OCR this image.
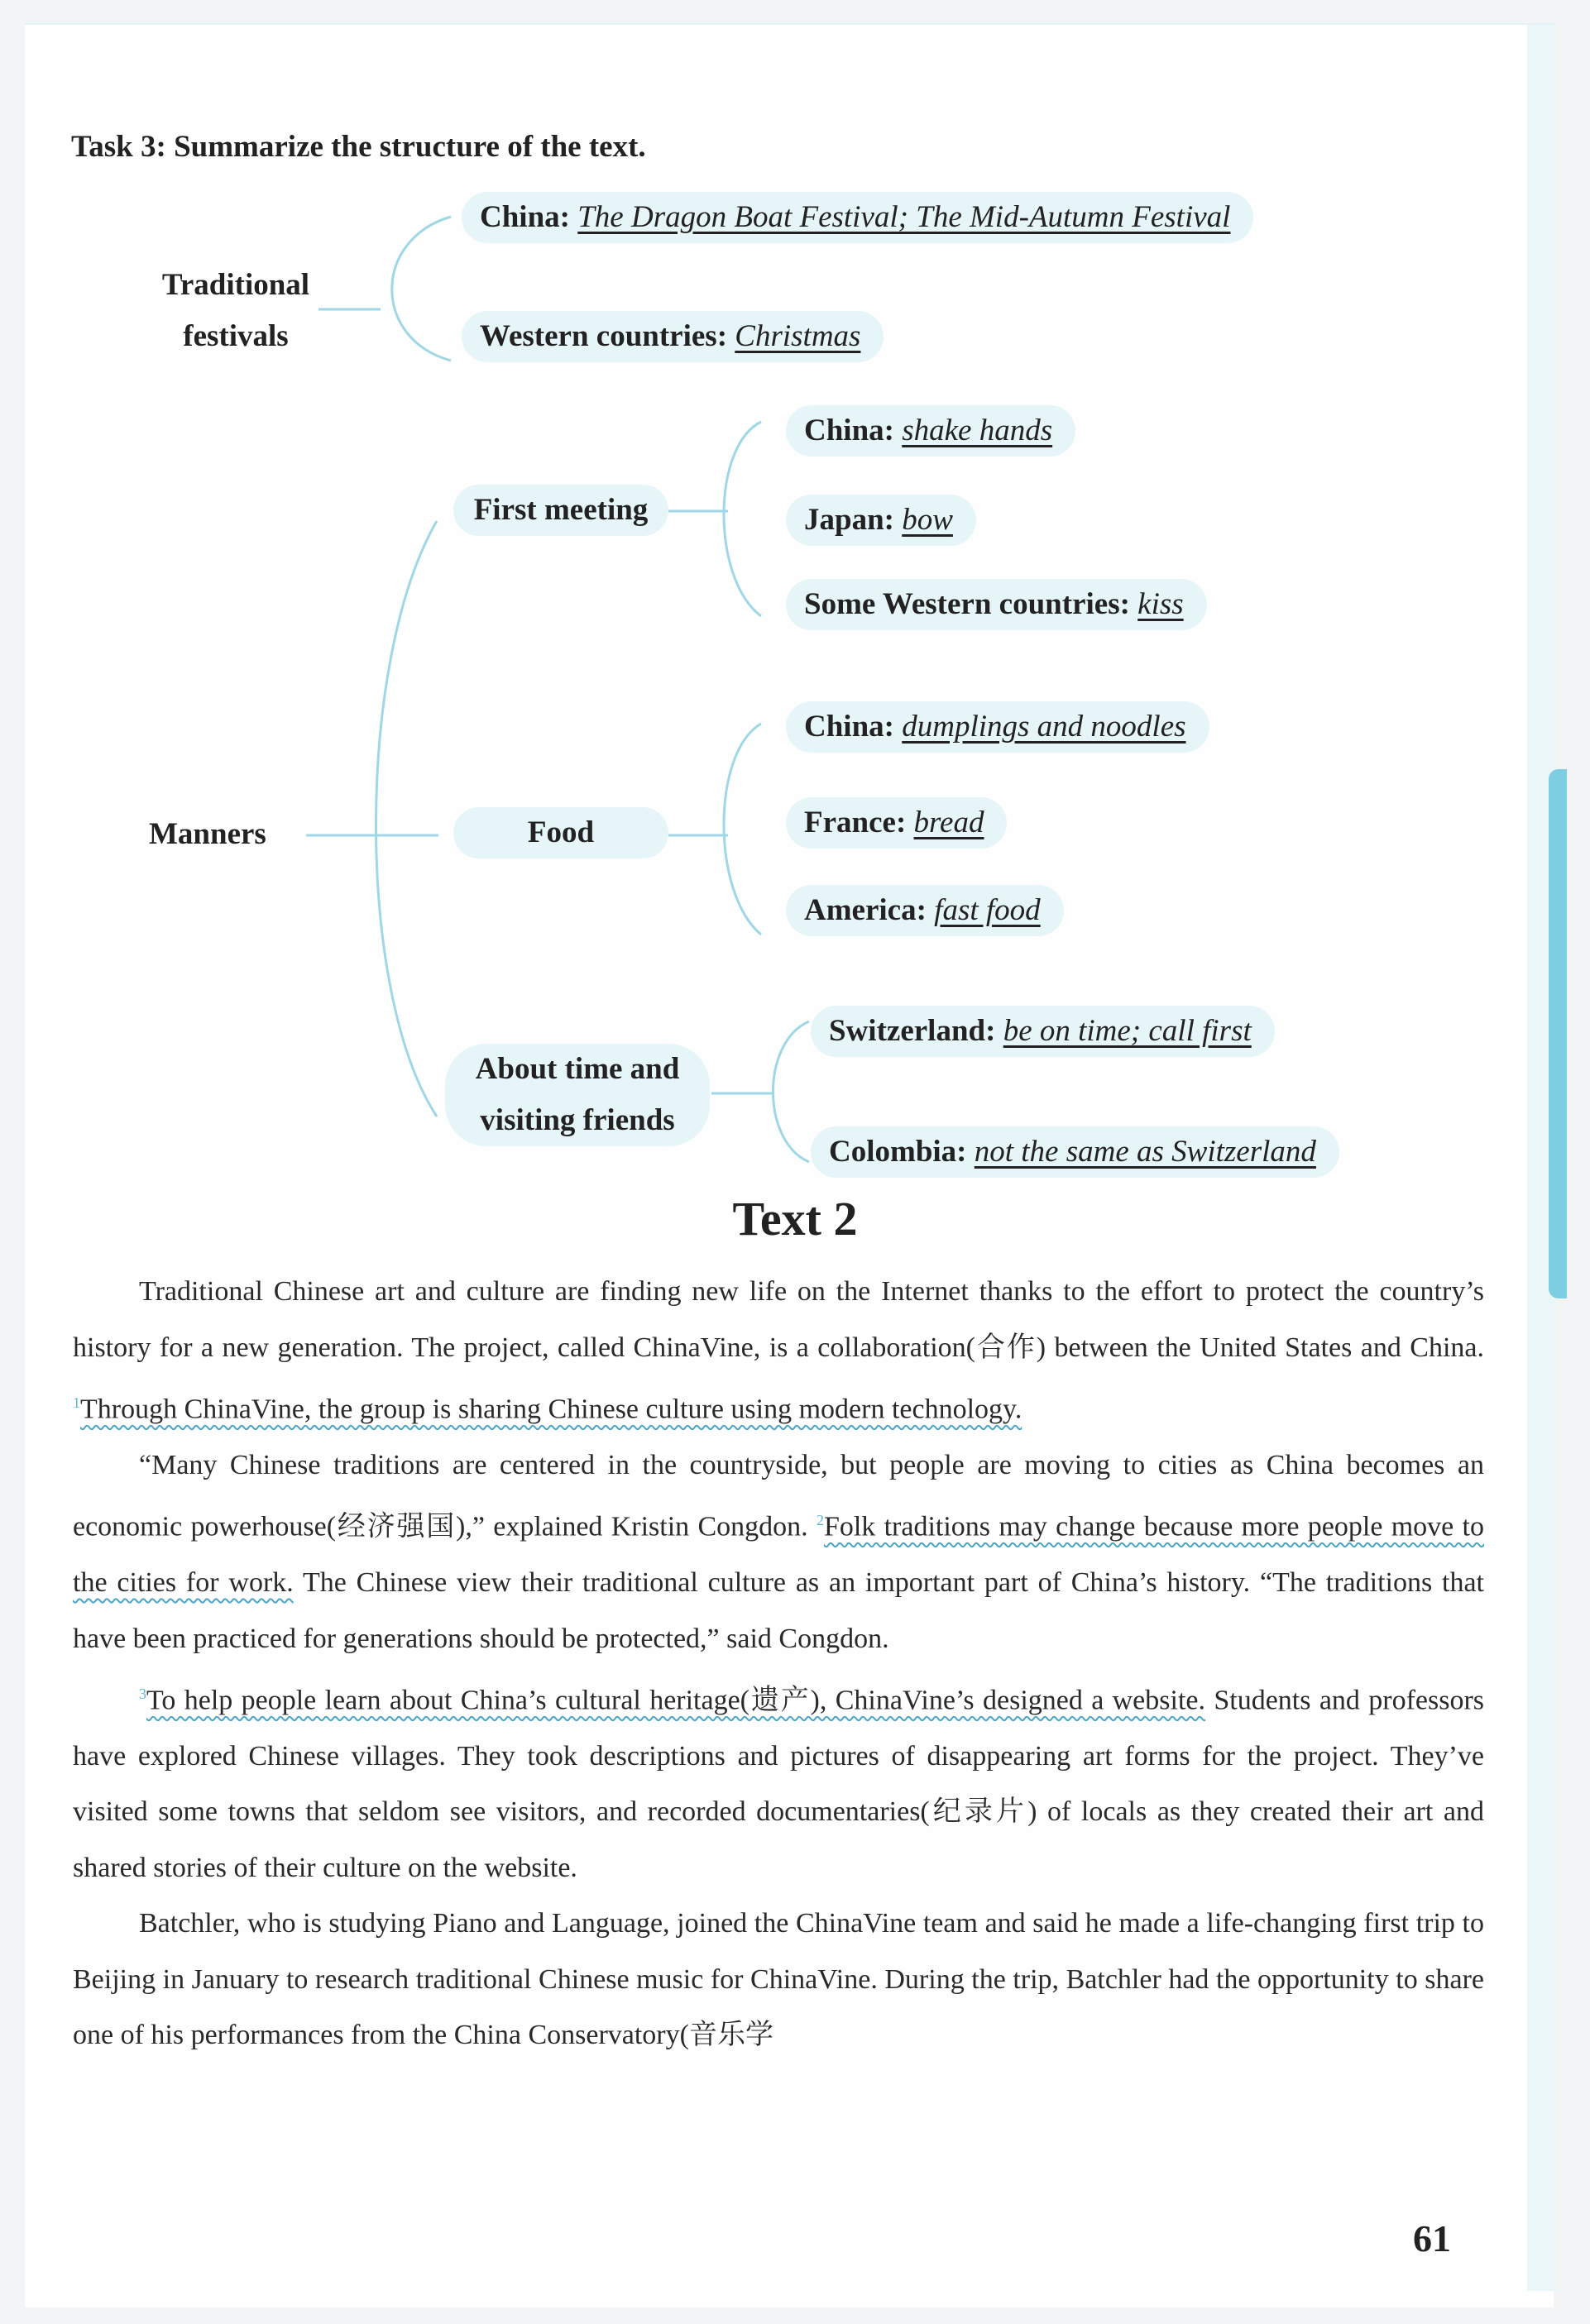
Task 3: Summarize the structure of the text.
Traditional
festivals
China: The Dragon Boat Festival; The Mid-Autumn Festival
Western countries: Christmas
Manners
First meeting
Food
About time and
visiting friends
China: shake hands
Japan: bow
Some Western countries: kiss
China: dumplings and noodles
France: bread
America: fast food
Switzerland: be on time; call first
Colombia: not the same as Switzerland
Text 2

Traditional Chinese art and culture are finding new life on the Internet thanks to the effort to protect the country’s history for a new generation. The project, called ChinaVine, is a collaboration(合作) between the United States and China. $^1$Through ChinaVine, the group is sharing Chinese culture using modern technology.

“Many Chinese traditions are centered in the countryside, but people are moving to cities as China becomes an economic powerhouse(经济强国),” explained Kristin Congdon. $^2$Folk traditions may change because more people move to the cities for work. The Chinese view their traditional culture as an important part of China’s history. “The traditions that have been practiced for generations should be protected,” said Congdon.

$^3$To help people learn about China’s cultural heritage(遗产), ChinaVine’s designed a website. Students and professors have explored Chinese villages. They took descriptions and pictures of disappearing art forms for the project. They’ve visited some towns that seldom see visitors, and recorded documentaries(纪录片) of locals as they created their art and shared stories of their culture on the website.

Batchler, who is studying Piano and Language, joined the ChinaVine team and said he made a life-changing first trip to Beijing in January to research traditional Chinese music for ChinaVine. During the trip, Batchler had the opportunity to share one of his performances from the China Conservatory(音乐学

61
